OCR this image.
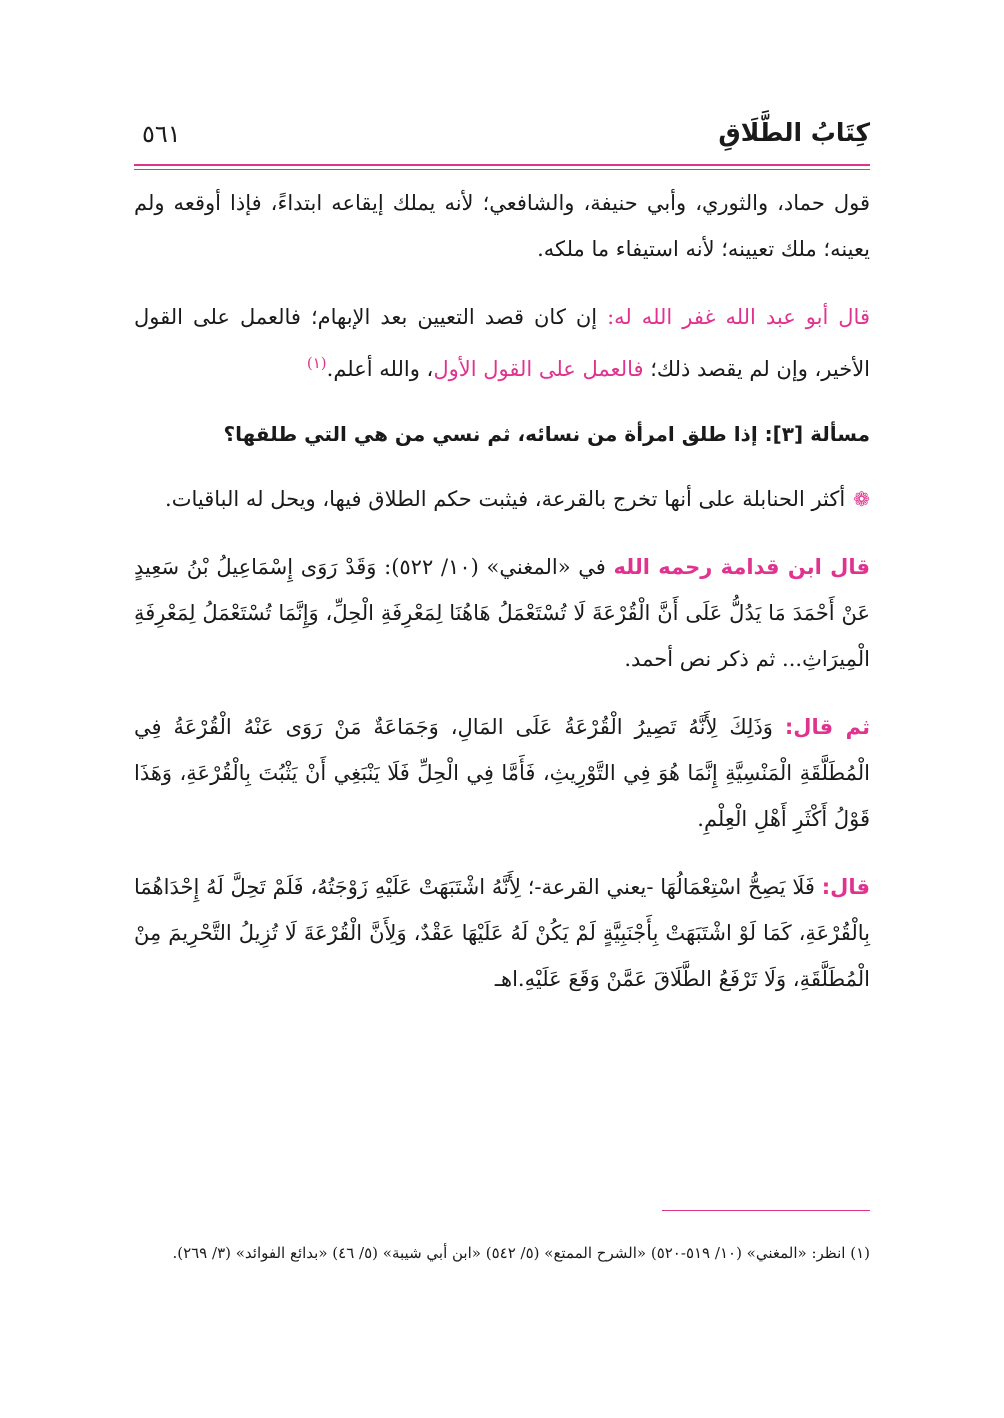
كِتَابُ الطَّلَاقِ
٥٦١

قول حماد، والثوري، وأبي حنيفة، والشافعي؛ لأنه يملك إيقاعه ابتداءً، فإذا أوقعه ولم يعينه؛ ملك تعيينه؛ لأنه استيفاء ما ملكه.

قال أبو عبد الله غفر الله له: إن كان قصد التعيين بعد الإبهام؛ فالعمل على القول الأخير، وإن لم يقصد ذلك؛ فالعمل على القول الأول، والله أعلم.$^{(١)}$

مسألة [٣]: إذا طلق امرأة من نسائه، ثم نسي من هي التي طلقها؟

❁أكثر الحنابلة على أنها تخرج بالقرعة، فيثبت حكم الطلاق فيها، ويحل له الباقيات.

قال ابن قدامة رحمه الله في «المغني» (١٠/ ٥٢٢): وَقَدْ رَوَى إِسْمَاعِيلُ بْنُ سَعِيدٍ عَنْ أَحْمَدَ مَا يَدُلُّ عَلَى أَنَّ الْقُرْعَةَ لَا تُسْتَعْمَلُ هَاهُنَا لِمَعْرِفَةِ الْحِلِّ، وَإِنَّمَا تُسْتَعْمَلُ لِمَعْرِفَةِ الْمِيرَاثِ... ثم ذكر نص أحمد.

ثم قال: وَذَلِكَ لِأَنَّهُ تَصِيرُ الْقُرْعَةُ عَلَى المَالِ، وَجَمَاعَةٌ مَنْ رَوَى عَنْهُ الْقُرْعَةُ فِي الْمُطَلَّقَةِ الْمَنْسِيَّةِ إِنَّمَا هُوَ فِي التَّوْرِيثِ، فَأَمَّا فِي الْحِلِّ فَلَا يَنْبَغِي أَنْ يَثْبُتَ بِالْقُرْعَةِ، وَهَذَا قَوْلُ أَكْثَرِ أَهْلِ الْعِلْمِ.

قال: فَلَا يَصِحُّ اسْتِعْمَالُهَا -يعني القرعة-؛ لِأَنَّهُ اشْتَبَهَتْ عَلَيْهِ زَوْجَتُهُ، فَلَمْ تَحِلَّ لَهُ إِحْدَاهُمَا بِالْقُرْعَةِ، كَمَا لَوْ اشْتَبَهَتْ بِأَجْنَبِيَّةٍ لَمْ يَكُنْ لَهُ عَلَيْهَا عَقْدٌ، وَلِأَنَّ الْقُرْعَةَ لَا تُزِيلُ التَّحْرِيمَ مِنْ الْمُطَلَّقَةِ، وَلَا تَرْفَعُ الطَّلَاقَ عَمَّنْ وَقَعَ عَلَيْهِ.اهـ

(١) انظر: «المغني» (١٠/ ٥١٩-٥٢٠) «الشرح الممتع» (٥/ ٥٤٢) «ابن أبي شيبة» (٥/ ٤٦) «بدائع الفوائد» (٣/ ٢٦٩).
